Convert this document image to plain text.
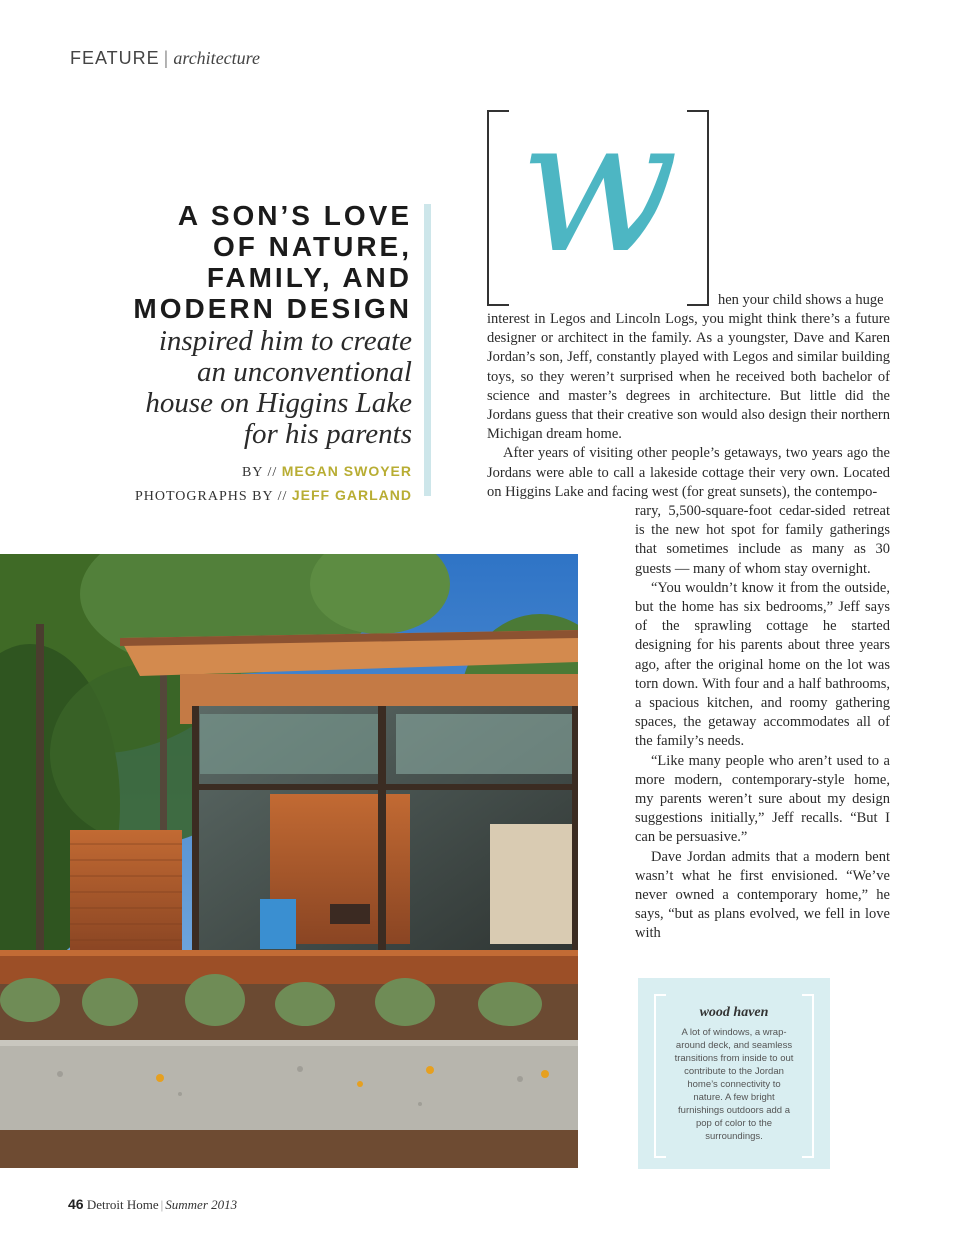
FEATURE | architecture
A SON’S LOVE
OF NATURE,
FAMILY, AND
MODERN DESIGN
inspired him to create
an unconventional
house on Higgins Lake
for his parents
BY // MEGAN SWOYER
PHOTOGRAPHS BY // JEFF GARLAND
w
hen your child shows a huge

interest in Legos and Lincoln Logs, you might think there’s a future designer or architect in the family. As a youngster, Dave and Karen Jordan’s son, Jeff, constantly played with Legos and similar building toys, so they weren’t surprised when he received both bachelor of science and master’s degrees in architecture. But little did the Jordans guess that their creative son would also design their northern Michigan dream home.

After years of visiting other people’s getaways, two years ago the Jordans were able to call a lakeside cottage their very own. Located on Higgins Lake and facing west (for great sunsets), the contempo-

rary, 5,500-square-foot cedar-sided retreat is the new hot spot for family gatherings that sometimes include as many as 30 guests — many of whom stay overnight.

“You wouldn’t know it from the outside, but the home has six bedrooms,” Jeff says of the sprawling cottage he started designing for his parents about three years ago, after the original home on the lot was torn down. With four and a half bathrooms, a spacious kitchen, and roomy gathering spaces, the getaway accommodates all of the family’s needs.

“Like many people who aren’t used to a more modern, contemporary-style home, my parents weren’t sure about my design suggestions initially,” Jeff recalls. “But I can be persuasive.”

Dave Jordan admits that a modern bent wasn’t what he first envisioned. “We’ve never owned a contemporary home,” he says, “but as plans evolved, we fell in love with

wood haven
A lot of windows, a wrap-around deck, and seamless transitions from inside to out contribute to the Jordan home’s connectivity to nature. A few bright furnishings outdoors add a pop of color to the surroundings.
46 Detroit Home | Summer 2013
